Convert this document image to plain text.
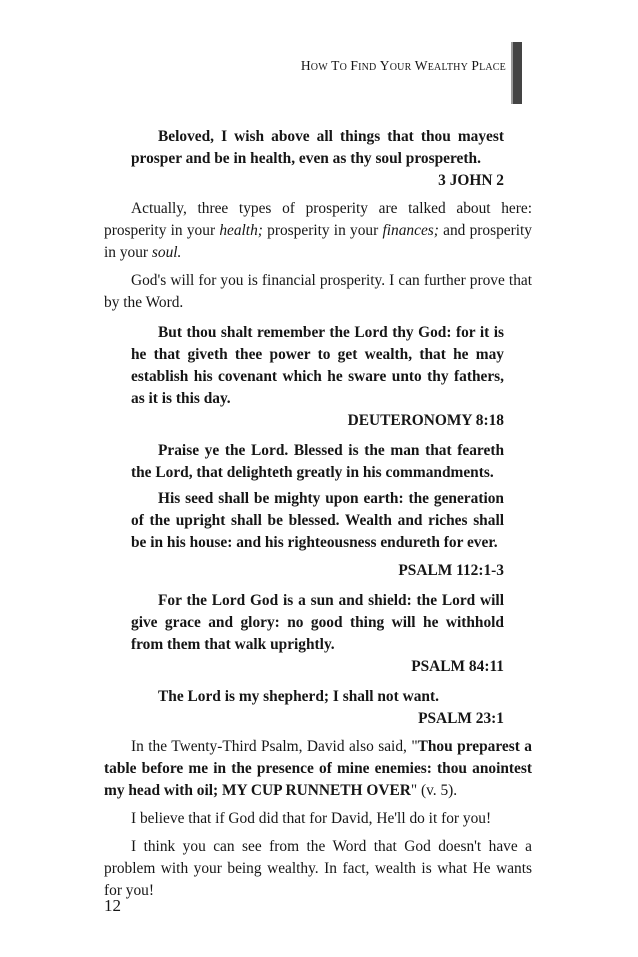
HOW TO FIND YOUR WEALTHY PLACE

Beloved, I wish above all things that thou mayest prosper and be in health, even as thy soul prospereth.

3 JOHN 2

Actually, three types of prosperity are talked about here: prosperity in your health; prosperity in your finances; and prosperity in your soul.

God's will for you is financial prosperity. I can further prove that by the Word.

But thou shalt remember the Lord thy God: for it is he that giveth thee power to get wealth, that he may establish his covenant which he sware unto thy fathers, as it is this day.

DEUTERONOMY 8:18

Praise ye the Lord. Blessed is the man that feareth the Lord, that delighteth greatly in his commandments.

His seed shall be mighty upon earth: the generation of the upright shall be blessed. Wealth and riches shall be in his house: and his righteousness endureth for ever.

PSALM 112:1-3

For the Lord God is a sun and shield: the Lord will give grace and glory: no good thing will he withhold from them that walk uprightly.

PSALM 84:11

The Lord is my shepherd; I shall not want.

PSALM 23:1

In the Twenty-Third Psalm, David also said, "Thou preparest a table before me in the presence of mine enemies: thou anointest my head with oil; MY CUP RUNNETH OVER" (v. 5).

I believe that if God did that for David, He'll do it for you!

I think you can see from the Word that God doesn't have a problem with your being wealthy. In fact, wealth is what He wants for you!

12
